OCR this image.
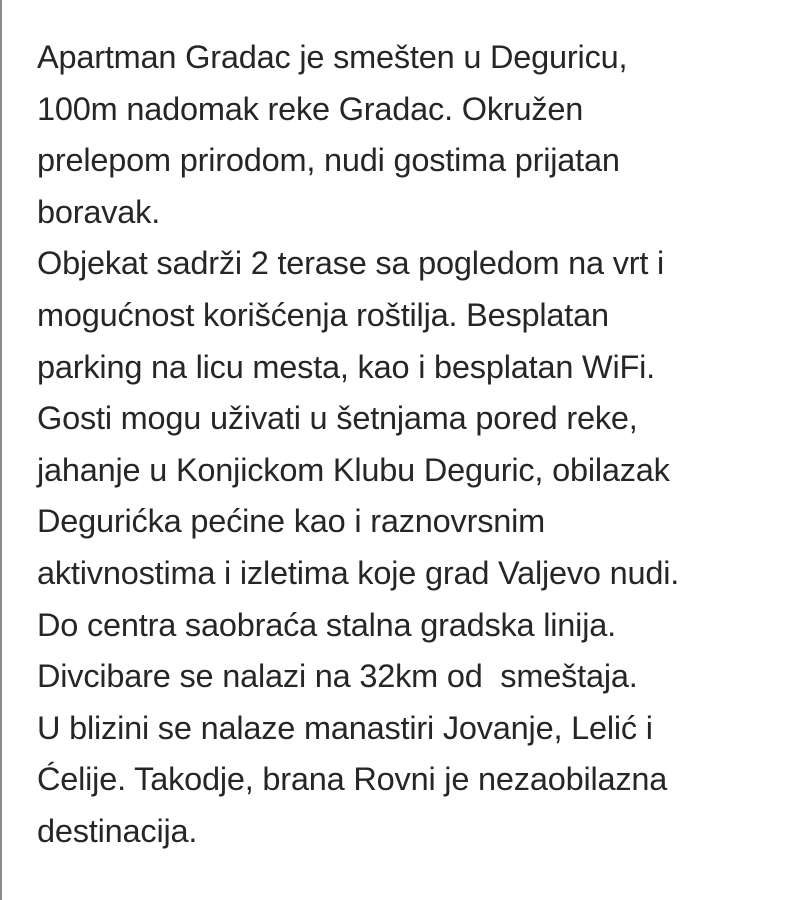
Apartman Gradac je smešten u Deguricu,

100m nadomak reke Gradac. Okružen

prelepom prirodom, nudi gostima prijatan

boravak.

Objekat sadrži 2 terase sa pogledom na vrt i

mogućnost korišćenja roštilja. Besplatan

parking na licu mesta, kao i besplatan WiFi.

Gosti mogu uživati u šetnjama pored reke,

jahanje u Konjickom Klubu Deguric, obilazak

Degurićka pećine kao i raznovrsnim

aktivnostima i izletima koje grad Valjevo nudi.

Do centra saobraća stalna gradska linija.

Divcibare se nalazi na 32km od  smeštaja.

U blizini se nalaze manastiri Jovanje, Lelić i

Ćelije. Takodje, brana Rovni je nezaobilazna

destinacija.
